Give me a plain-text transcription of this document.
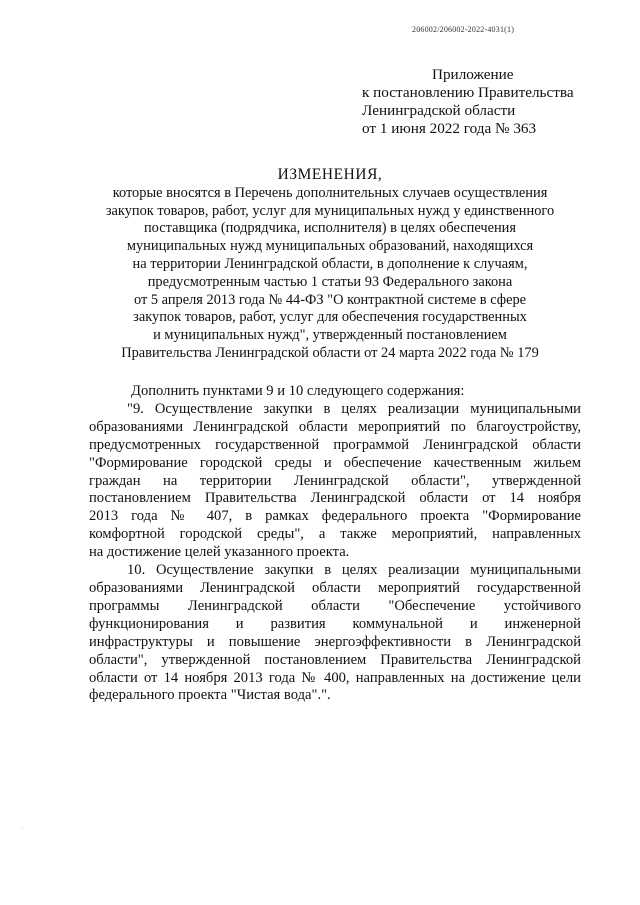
206002/206002-2022-4031(1)
Приложение
к постановлению Правительства
Ленинградской области
от 1 июня 2022 года № 363
ИЗМЕНЕНИЯ,
которые вносятся в Перечень дополнительных случаев осуществления
закупок товаров, работ, услуг для муниципальных нужд у единственного
поставщика (подрядчика, исполнителя) в целях обеспечения
муниципальных нужд муниципальных образований, находящихся
на территории Ленинградской области, в дополнение к случаям,
предусмотренным частью 1 статьи 93 Федерального закона
от 5 апреля 2013 года № 44-ФЗ "О контрактной системе в сфере
закупок товаров, работ, услуг для обеспечения государственных
и муниципальных нужд", утвержденный постановлением
Правительства Ленинградской области от 24 марта 2022 года № 179
Дополнить пунктами 9 и 10 следующего содержания:
"9. Осуществление закупки в целях реализации муниципальными
образованиями Ленинградской области мероприятий по благоустройству,
предусмотренных государственной программой Ленинградской области
"Формирование городской среды и обеспечение качественным жильем
граждан на территории Ленинградской области", утвержденной
постановлением Правительства Ленинградской области от 14 ноября
2013 года № 407, в рамках федерального проекта "Формирование
комфортной городской среды", а также мероприятий, направленных
на достижение целей указанного проекта.
10. Осуществление закупки в целях реализации муниципальными
образованиями Ленинградской области мероприятий государственной
программы Ленинградской области "Обеспечение устойчивого
функционирования и развития коммунальной и инженерной
инфраструктуры и повышение энергоэффективности в Ленинградской
области", утвержденной постановлением Правительства Ленинградской
области от 14 ноября 2013 года № 400, направленных на достижение цели
федерального проекта "Чистая вода".".
